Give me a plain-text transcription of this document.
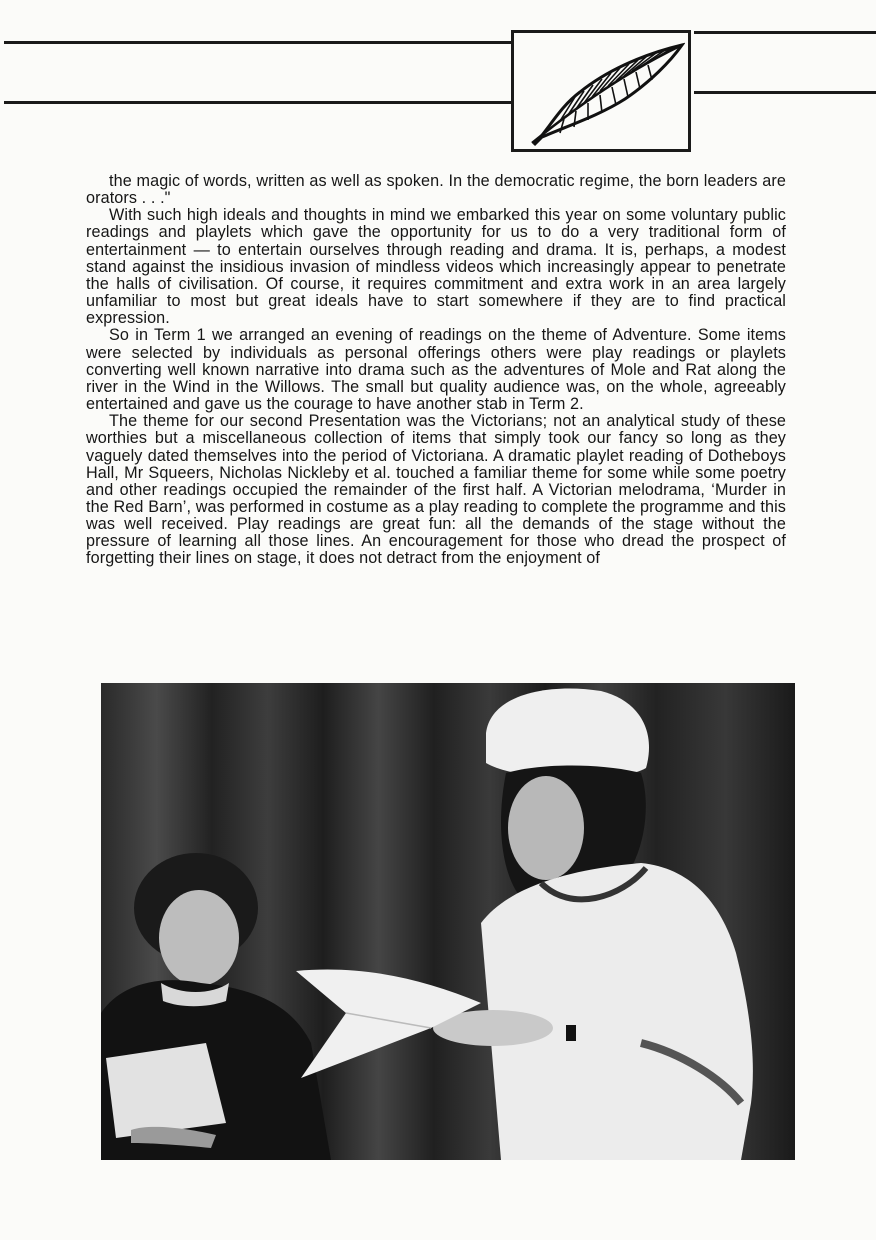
the magic of words, written as well as spoken. In the democratic regime, the born leaders are orators . . ."

With such high ideals and thoughts in mind we embarked this year on some voluntary public readings and playlets which gave the opportunity for us to do a very traditional form of entertainment — to entertain ourselves through reading and drama. It is, perhaps, a modest stand against the insidious invasion of mindless videos which increasingly appear to penetrate the halls of civilisation. Of course, it requires commitment and extra work in an area largely unfamiliar to most but great ideals have to start somewhere if they are to find practical expression.

So in Term 1 we arranged an evening of readings on the theme of Adventure. Some items were selected by individuals as personal offerings others were play readings or playlets converting well known narrative into drama such as the adventures of Mole and Rat along the river in the Wind in the Willows. The small but quality audience was, on the whole, agreeably entertained and gave us the courage to have another stab in Term 2.

The theme for our second Presentation was the Victorians; not an analytical study of these worthies but a miscellaneous collection of items that simply took our fancy so long as they vaguely dated themselves into the period of Victoriana. A dramatic playlet reading of Dotheboys Hall, Mr Squeers, Nicholas Nickleby et al. touched a familiar theme for some while some poetry and other readings occupied the remainder of the first half. A Victorian melodrama, ‘Murder in the Red Barn’, was performed in costume as a play reading to complete the programme and this was well received. Play readings are great fun: all the demands of the stage without the pressure of learning all those lines. An encouragement for those who dread the prospect of forgetting their lines on stage, it does not detract from the enjoyment of
